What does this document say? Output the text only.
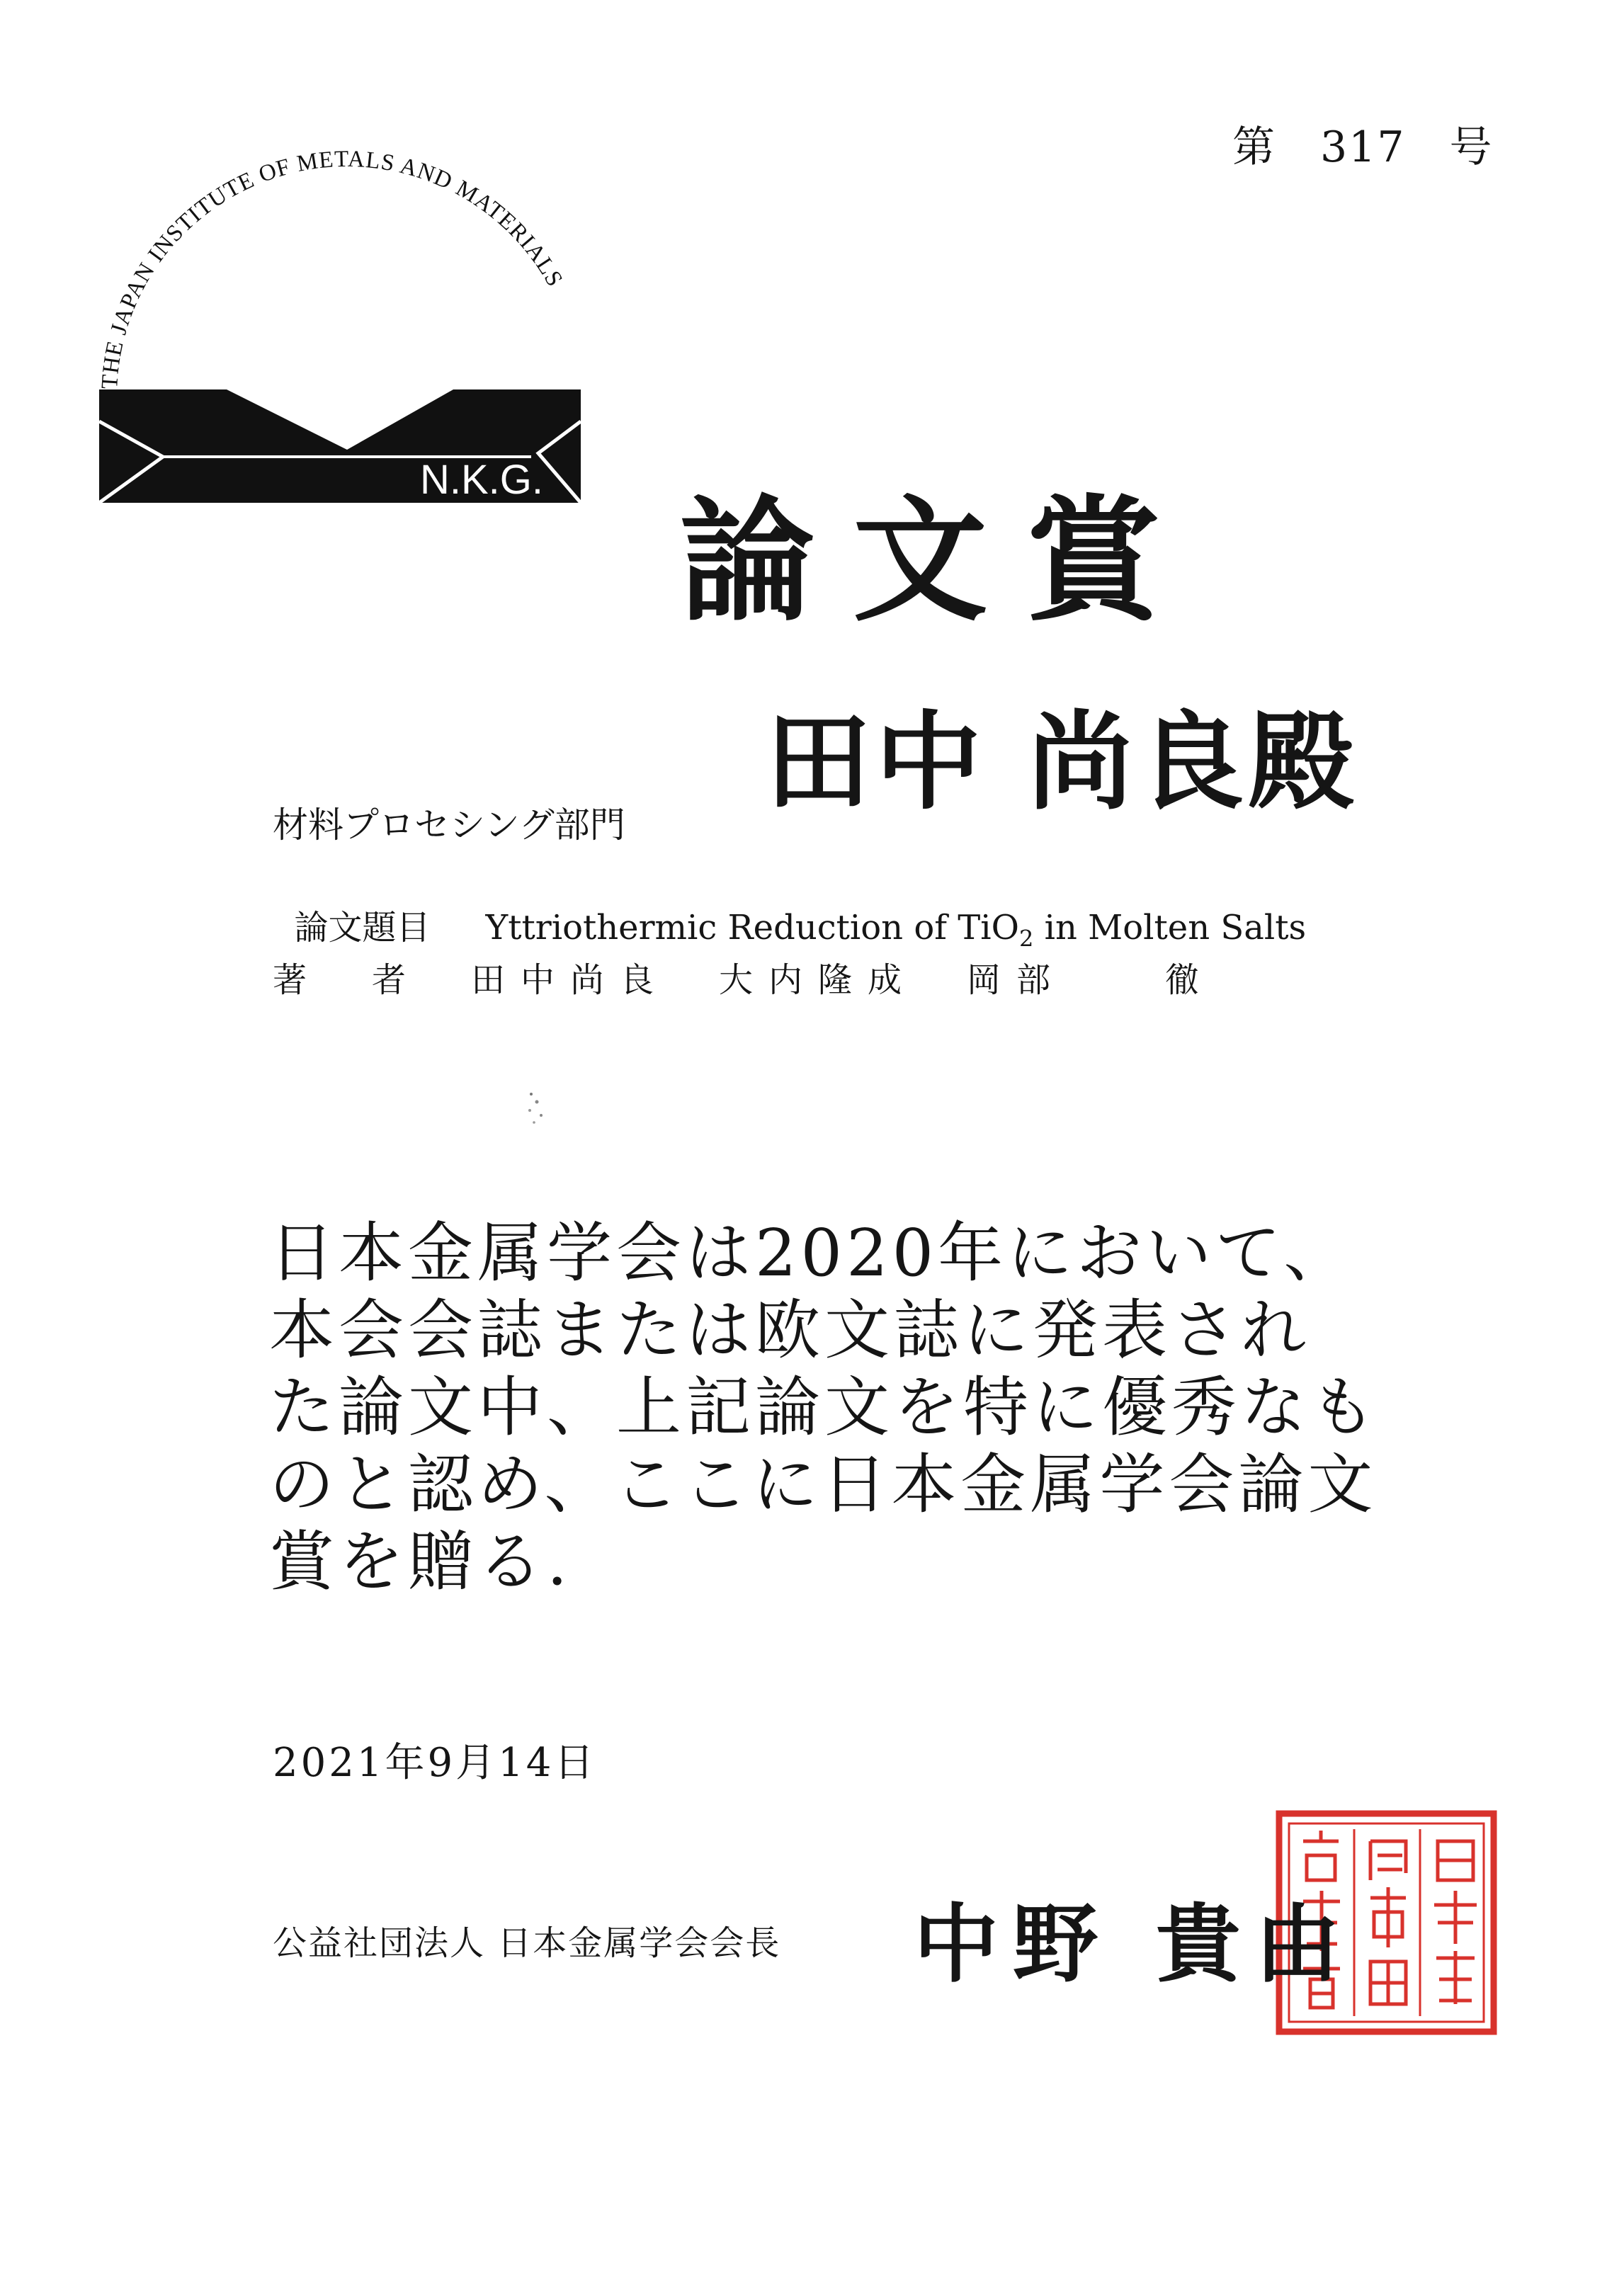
THE JAPAN INSTITUTE OF METALS AND MATERIALS
N.K.G.
第　317　号
論 文 賞
田中 尚良殿
材料プロセシング部門

論文題目 Yttriothermic Reduction of TiO$_2$ in Molten Salts

著　者　 田中尚良　大内隆成　岡部　　徹
日本金属学会は2020年において、
本会会誌または欧文誌に発表され
た論文中、上記論文を特に優秀なも
のと認め、ここに日本金属学会論文
賞を贈る.
2021年9月14日
公益社団法人 日本金属学会会長	中野 貴由
